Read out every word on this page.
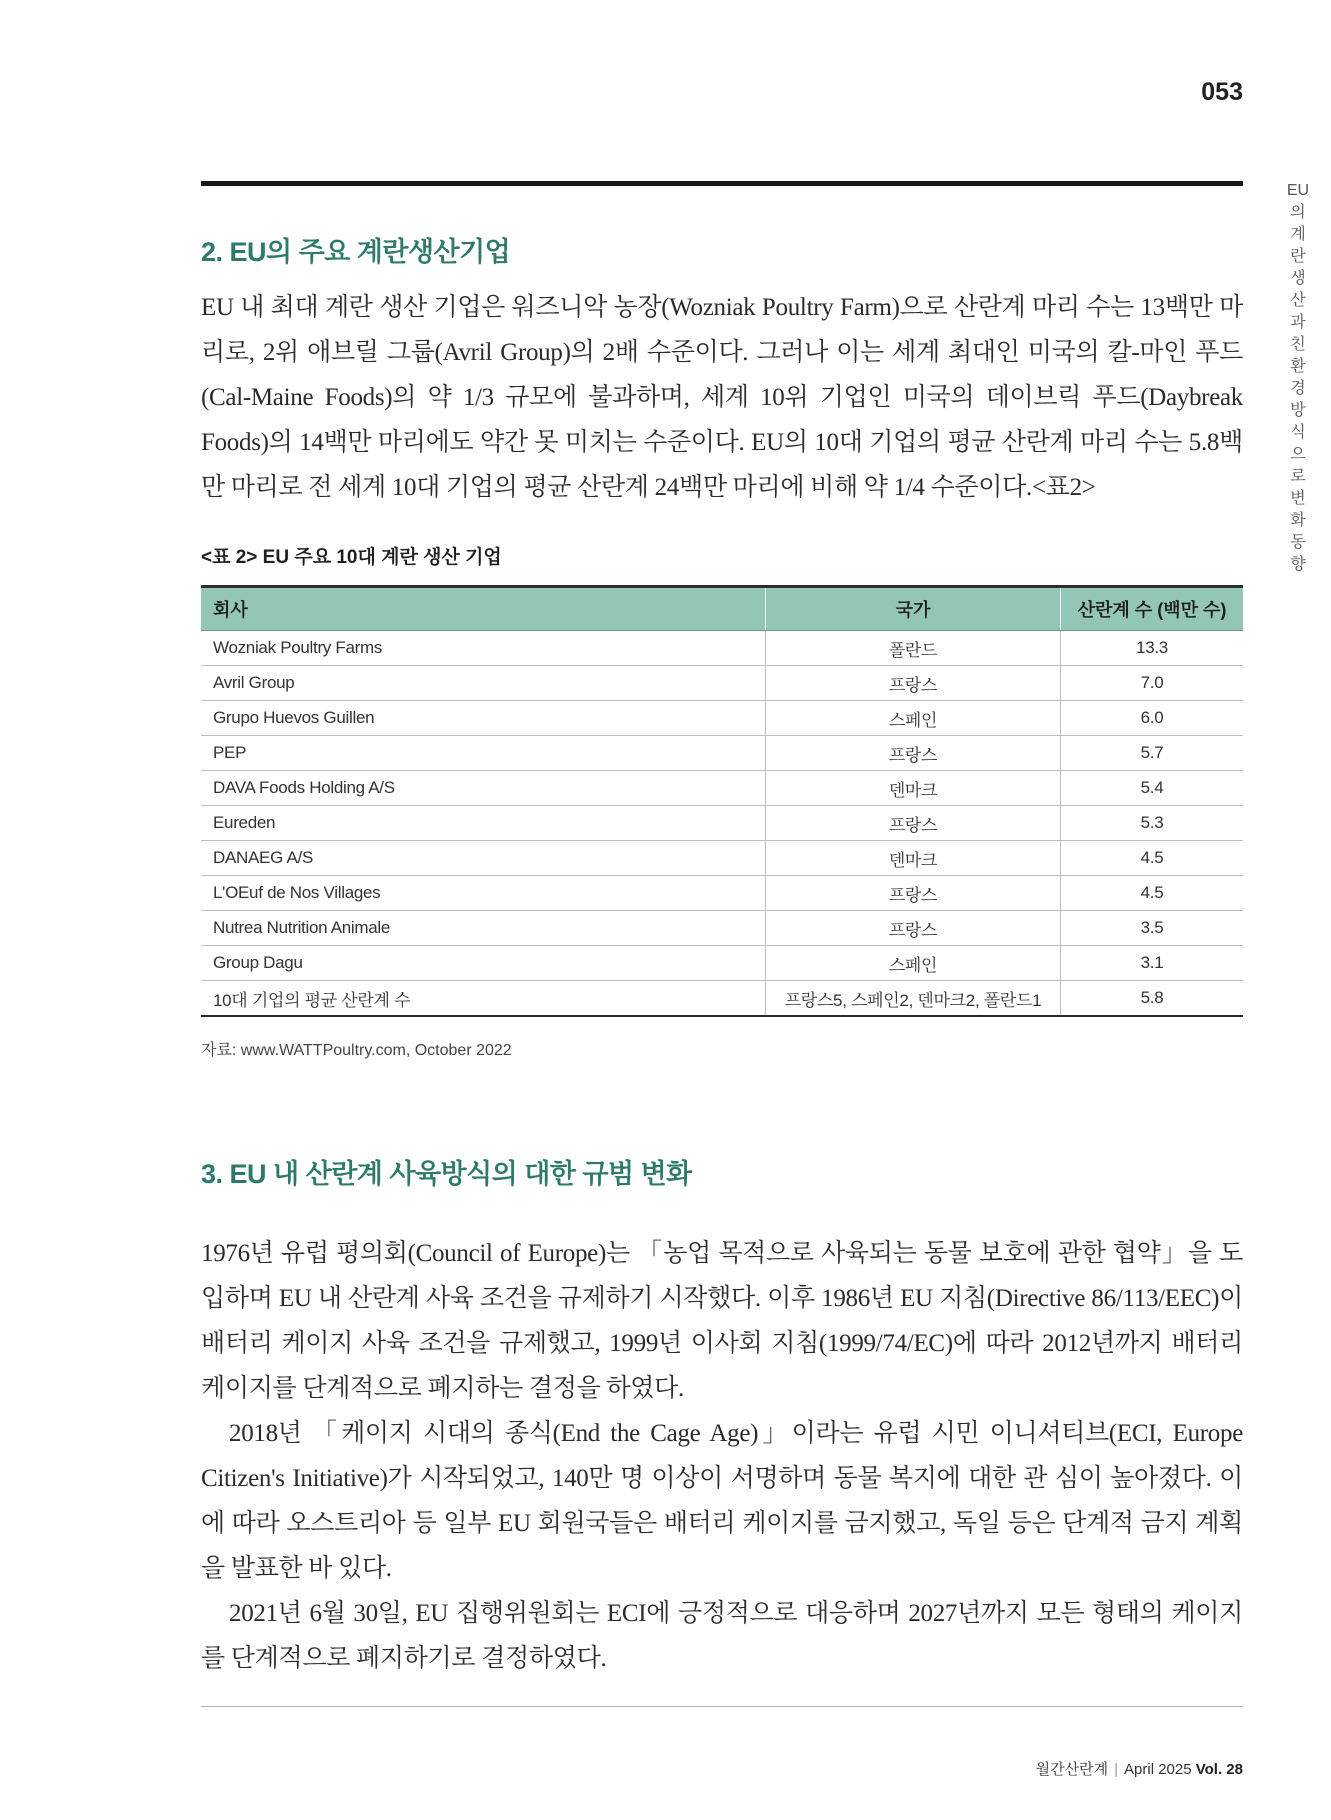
053
EU의 계란 생산과 친환경 방식으로 변화 동향
2. EU의 주요 계란생산기업

EU 내 최대 계란 생산 기업은 워즈니악 농장(Wozniak Poultry Farm)으로 산란계 마리 수는 13백만 마리로, 2위 애브릴 그룹(Avril Group)의 2배 수준이다. 그러나 이는 세계 최대인 미국의 칼-마인 푸드(Cal-Maine Foods)의 약 1/3 규모에 불과하며, 세계 10위 기업인 미국의 데이브릭 푸드(Daybreak Foods)의 14백만 마리에도 약간 못 미치는 수준이다. EU의 10대 기업의 평균 산란계 마리 수는 5.8백만 마리로 전 세계 10대 기업의 평균 산란계 24백만 마리에 비해 약 1/4 수준이다.<표2>

<표 2> EU 주요 10대 계란 생산 기업
회사	국가	산란계 수 (백만 수)
Wozniak Poultry Farms	폴란드	13.3
Avril Group	프랑스	7.0
Grupo Huevos Guillen	스페인	6.0
PEP	프랑스	5.7
DAVA Foods Holding A/S	덴마크	5.4
Eureden	프랑스	5.3
DANAEG A/S	덴마크	4.5
L'OEuf de Nos Villages	프랑스	4.5
Nutrea Nutrition Animale	프랑스	3.5
Group Dagu	스페인	3.1
10대 기업의 평균 산란계 수	프랑스5, 스페인2, 덴마크2, 폴란드1	5.8

자료: www.WATTPoultry.com, October 2022

3. EU 내 산란계 사육방식의 대한 규범 변화

1976년 유럽 평의회(Council of Europe)는 「농업 목적으로 사육되는 동물 보호에 관한 협약」을 도입하며 EU 내 산란계 사육 조건을 규제하기 시작했다. 이후 1986년 EU 지침(Directive 86/113/EEC)이 배터리 케이지 사육 조건을 규제했고, 1999년 이사회 지침(1999/74/EC)에 따라 2012년까지 배터리 케이지를 단계적으로 폐지하는 결정을 하였다.

2018년 「케이지 시대의 종식(End the Cage Age)」이라는 유럽 시민 이니셔티브(ECI, Europe Citizen's Initiative)가 시작되었고, 140만 명 이상이 서명하며 동물 복지에 대한 관 심이 높아졌다. 이에 따라 오스트리아 등 일부 EU 회원국들은 배터리 케이지를 금지했고, 독일 등은 단계적 금지 계획을 발표한 바 있다.

2021년 6월 30일, EU 집행위원회는 ECI에 긍정적으로 대응하며 2027년까지 모든 형태의 케이지를 단계적으로 폐지하기로 결정하였다.

월간산란계 | April 2025 Vol. 28
